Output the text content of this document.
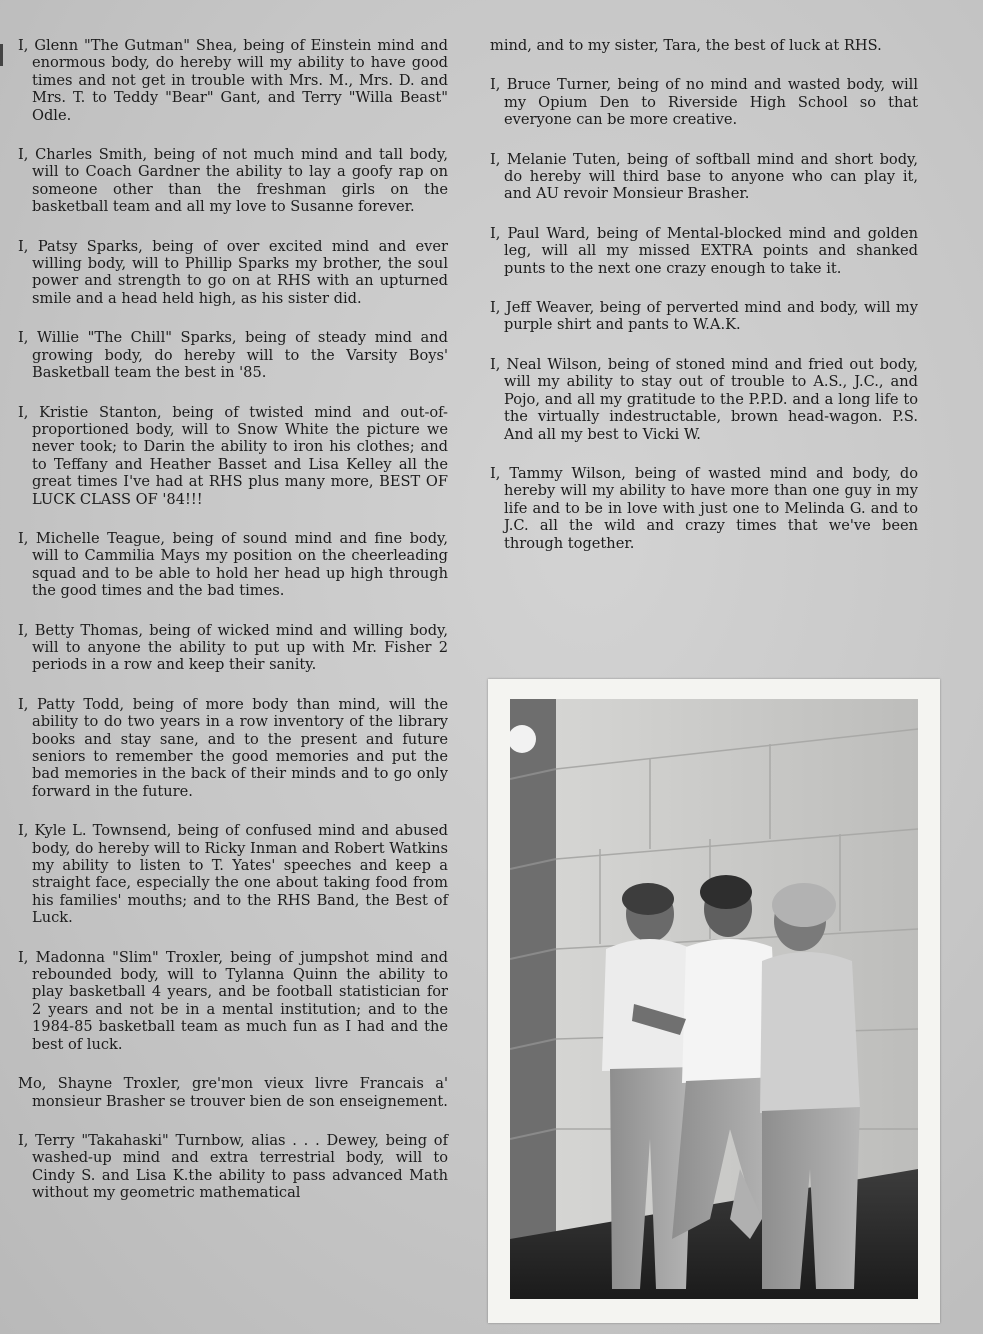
I, Glenn "The Gutman" Shea, being of Einstein mind and enormous body, do hereby will my ability to have good times and not get in trouble with Mrs. M., Mrs. D. and Mrs. T. to Teddy "Bear" Gant, and Terry "Willa Beast" Odle.

I, Charles Smith, being of not much mind and tall body, will to Coach Gardner the ability to lay a goofy rap on someone other than the freshman girls on the basketball team and all my love to Susanne forever.

I, Patsy Sparks, being of over excited mind and ever willing body, will to Phillip Sparks my brother, the soul power and strength to go on at RHS with an upturned smile and a head held high, as his sister did.

I, Willie "The Chill" Sparks, being of steady mind and growing body, do hereby will to the Varsity Boys' Basketball team the best in '85.

I, Kristie Stanton, being of twisted mind and out-of-proportioned body, will to Snow White the picture we never took; to Darin the ability to iron his clothes; and to Teffany and Heather Basset and Lisa Kelley all the great times I've had at RHS plus many more, BEST OF LUCK CLASS OF '84!!!

I, Michelle Teague, being of sound mind and fine body, will to Cammilia Mays my position on the cheerleading squad and to be able to hold her head up high through the good times and the bad times.

I, Betty Thomas, being of wicked mind and willing body, will to anyone the ability to put up with Mr. Fisher 2 periods in a row and keep their sanity.

I, Patty Todd, being of more body than mind, will the ability to do two years in a row inventory of the library books and stay sane, and to the present and future seniors to remember the good memories and put the bad memories in the back of their minds and to go only forward in the future.

I, Kyle L. Townsend, being of confused mind and abused body, do hereby will to Ricky Inman and Robert Watkins my ability to listen to T. Yates' speeches and keep a straight face, especially the one about taking food from his families' mouths; and to the RHS Band, the Best of Luck.

I, Madonna "Slim" Troxler, being of jumpshot mind and rebounded body, will to Tylanna Quinn the ability to play basketball 4 years, and be football statistician for 2 years and not be in a mental institution; and to the 1984-85 basketball team as much fun as I had and the best of luck.

Mo, Shayne Troxler, gre'mon vieux livre Francais a' monsieur Brasher se trouver bien de son enseignement.

I, Terry "Takahaski" Turnbow, alias . . . Dewey, being of washed-up mind and extra terrestrial body, will to Cindy S. and Lisa K.the ability to pass advanced Math without my geometric mathematical

mind, and to my sister, Tara, the best of luck at RHS.

I, Bruce Turner, being of no mind and wasted body, will my Opium Den to Riverside High School so that everyone can be more creative.

I, Melanie Tuten, being of softball mind and short body, do hereby will third base to anyone who can play it, and AU revoir Monsieur Brasher.

I, Paul Ward, being of Mental-blocked mind and golden leg, will all my missed EXTRA points and shanked punts to the next one crazy enough to take it.

I, Jeff Weaver, being of perverted mind and body, will my purple shirt and pants to W.A.K.

I, Neal Wilson, being of stoned mind and fried out body, will my ability to stay out of trouble to A.S., J.C., and Pojo, and all my gratitude to the P.P.D. and a long life to the virtually indestructable, brown head-wagon. P.S. And all my best to Vicki W.

I, Tammy Wilson, being of wasted mind and body, do hereby will my ability to have more than one guy in my life and to be in love with just one to Melinda G. and to J.C. all the wild and crazy times that we've been through together.
